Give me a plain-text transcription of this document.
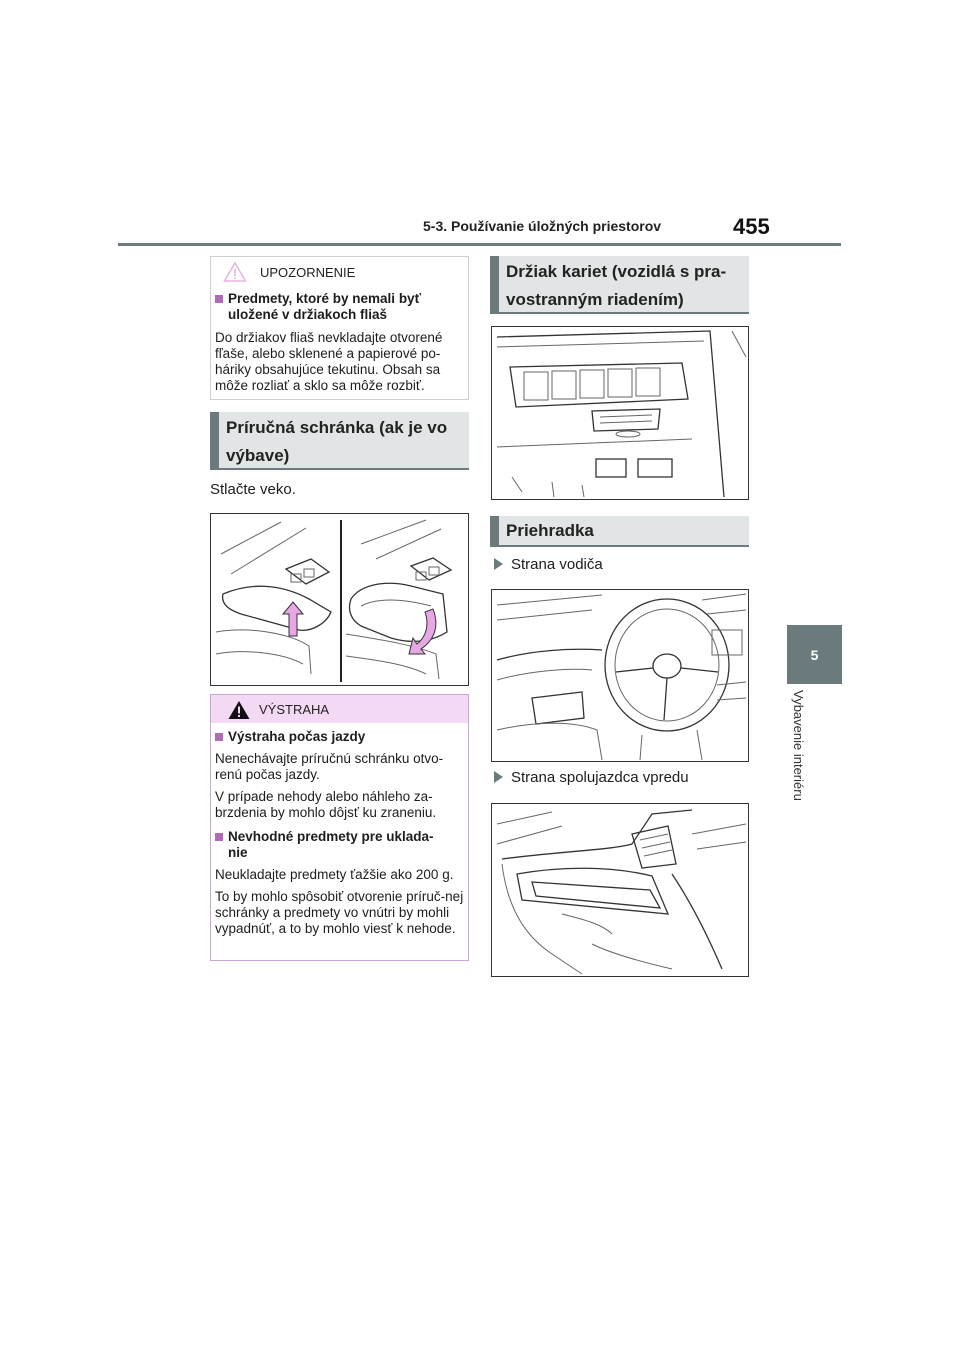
5-3. Používanie úložných priestorov	455
5
Vybavenie interiéru
UPOZORNENIE
Predmety, ktoré by nemali byť uložené v držiakoch fliaš
Do držiakov fliaš nevkladajte otvorené fľaše, alebo sklenené a papierové po-háriky obsahujúce tekutinu. Obsah sa môže rozliať a sklo sa môže rozbiť.
Príručná schránka (ak je vo výbave)
Stlačte veko.
VÝSTRAHA
Výstraha počas jazdy
Nenechávajte príručnú schránku otvo-renú počas jazdy.
V prípade nehody alebo náhleho za-brzdenia by mohlo dôjsť ku zraneniu.
Nevhodné predmety pre uklada-nie
Neukladajte predmety ťažšie ako 200 g.
To by mohlo spôsobiť otvorenie príruč-nej schránky a predmety vo vnútri by mohli vypadnúť, a to by mohlo viesť k nehode.
Držiak kariet (vozidlá s pra-vostranným riadením)
Priehradka
Strana vodiča
Strana spolujazdca vpredu
